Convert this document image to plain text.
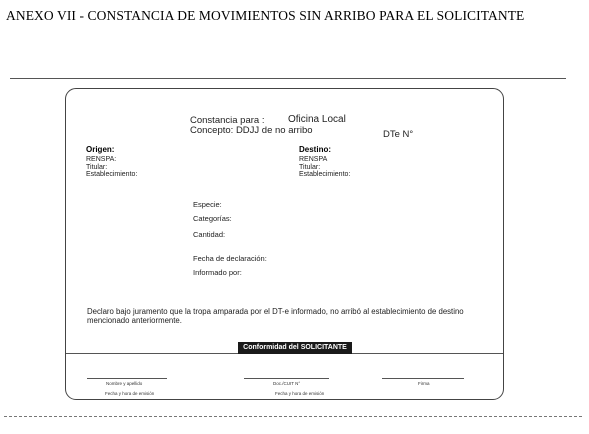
ANEXO VII - CONSTANCIA DE MOVIMIENTOS SIN ARRIBO PARA EL SOLICITANTE
Constancia para : Oficina Local
Concepto: DDJJ de no arribo	DTe N°
Origen:
RENSPA:
Titular:
Establecimiento:
Destino:
RENSPA
Titular:
Establecimiento:
Especie:
Categorías:
Cantidad:
Fecha de declaración:
Informado por:
Declaro bajo juramento que la tropa amparada por el DT-e informado, no arribó al establecimiento de destino mencionado anteriormente.
Conformidad del SOLICITANTE
Nombre y apellido
Fecha y hora de emisión
Doc./CUIT N°
Fecha y hora de emisión
Firma
